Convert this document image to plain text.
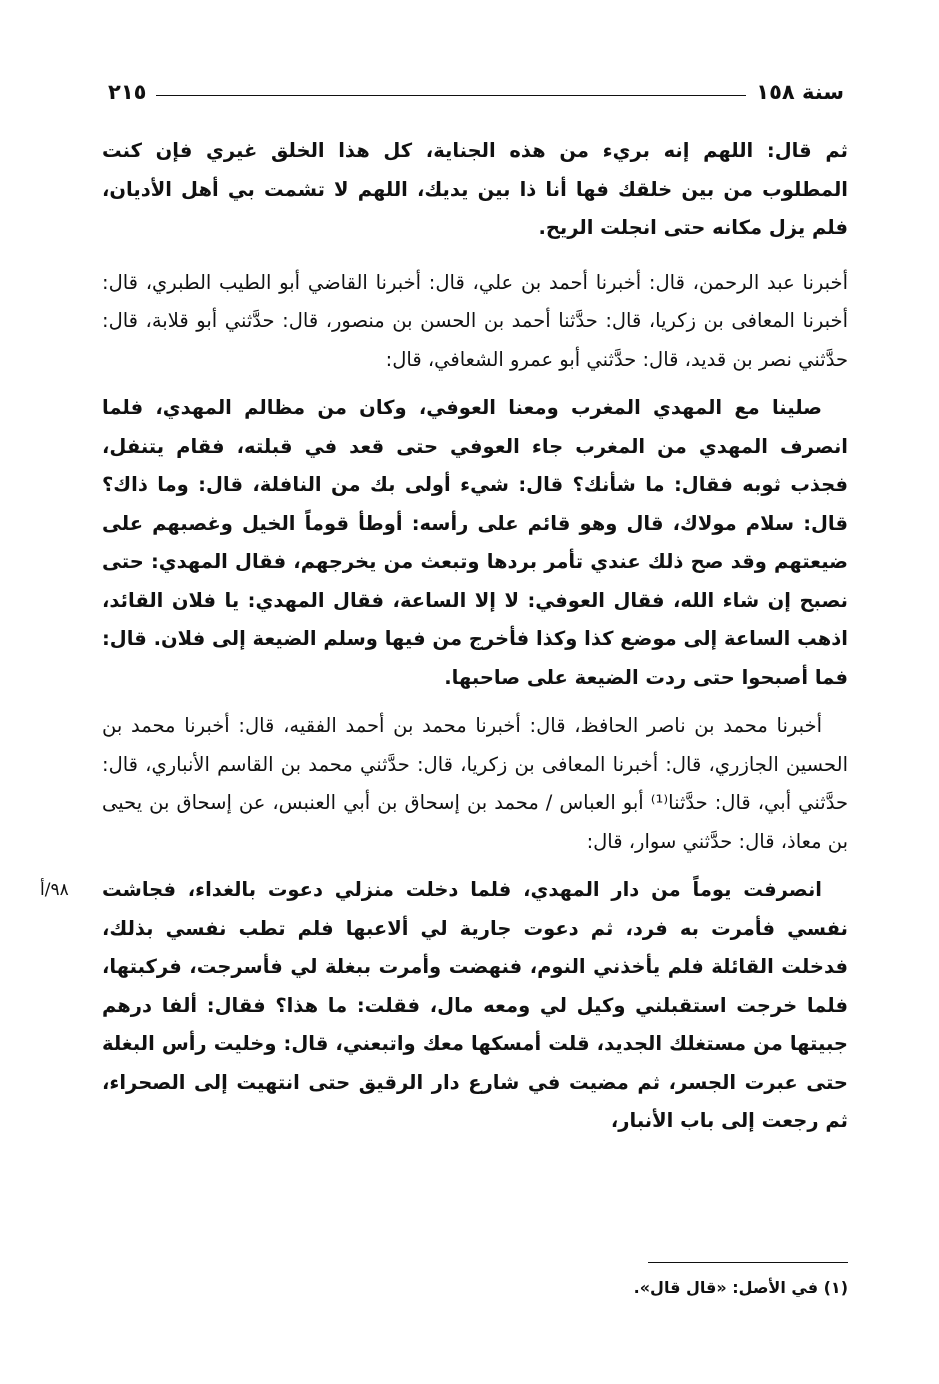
سنة ١٥٨
٢١٥

ثم قال: اللهم إنه بريء من هذه الجناية، كل هذا الخلق غيري فإن كنت المطلوب من بين خلقك فها أنا ذا بين يديك، اللهم لا تشمت بي أهل الأديان، فلم يزل مكانه حتى انجلت الريح.

أخبرنا عبد الرحمن، قال: أخبرنا أحمد بن علي، قال: أخبرنا القاضي أبو الطيب الطبري، قال: أخبرنا المعافى بن زكريا، قال: حدَّثنا أحمد بن الحسن بن منصور، قال: حدَّثني أبو قلابة، قال: حدَّثني نصر بن قديد، قال: حدَّثني أبو عمرو الشعافي، قال:

صلينا مع المهدي المغرب ومعنا العوفي، وكان من مظالم المهدي، فلما انصرف المهدي من المغرب جاء العوفي حتى قعد في قبلته، فقام يتنفل، فجذب ثوبه فقال: ما شأنك؟ قال: شيء أولى بك من النافلة، قال: وما ذاك؟ قال: سلام مولاك، قال وهو قائم على رأسه: أوطأ قوماً الخيل وغصبهم على ضيعتهم وقد صح ذلك عندي تأمر بردها وتبعث من يخرجهم، فقال المهدي: حتى نصبح إن شاء الله، فقال العوفي: لا إلا الساعة، فقال المهدي: يا فلان القائد، اذهب الساعة إلى موضع كذا وكذا فأخرج من فيها وسلم الضيعة إلى فلان. قال: فما أصبحوا حتى ردت الضيعة على صاحبها.

أخبرنا محمد بن ناصر الحافظ، قال: أخبرنا محمد بن أحمد الفقيه، قال: أخبرنا محمد بن الحسين الجازري، قال: أخبرنا المعافى بن زكريا، قال: حدَّثني محمد بن القاسم الأنباري، قال: حدَّثني أبي، قال: حدَّثنا⁽¹⁾ أبو العباس / محمد بن إسحاق بن أبي العنبس، عن إسحاق بن يحيى بن معاذ، قال: حدَّثني سوار، قال:

انصرفت يوماً من دار المهدي، فلما دخلت منزلي دعوت بالغداء، فجاشت نفسي فأمرت به فرد، ثم دعوت جارية لي ألاعبها فلم تطب نفسي بذلك، فدخلت القائلة فلم يأخذني النوم، فنهضت وأمرت ببغلة لي فأسرجت، فركبتها، فلما خرجت استقبلني وكيل لي ومعه مال، فقلت: ما هذا؟ فقال: ألفا درهم جبيتها من مستغلك الجديد، قلت أمسكها معك واتبعني، قال: وخليت رأس البغلة حتى عبرت الجسر، ثم مضيت في شارع دار الرقيق حتى انتهيت إلى الصحراء، ثم رجعت إلى باب الأنبار،

٩٨/أ
(١) في الأصل: «قال قال».
